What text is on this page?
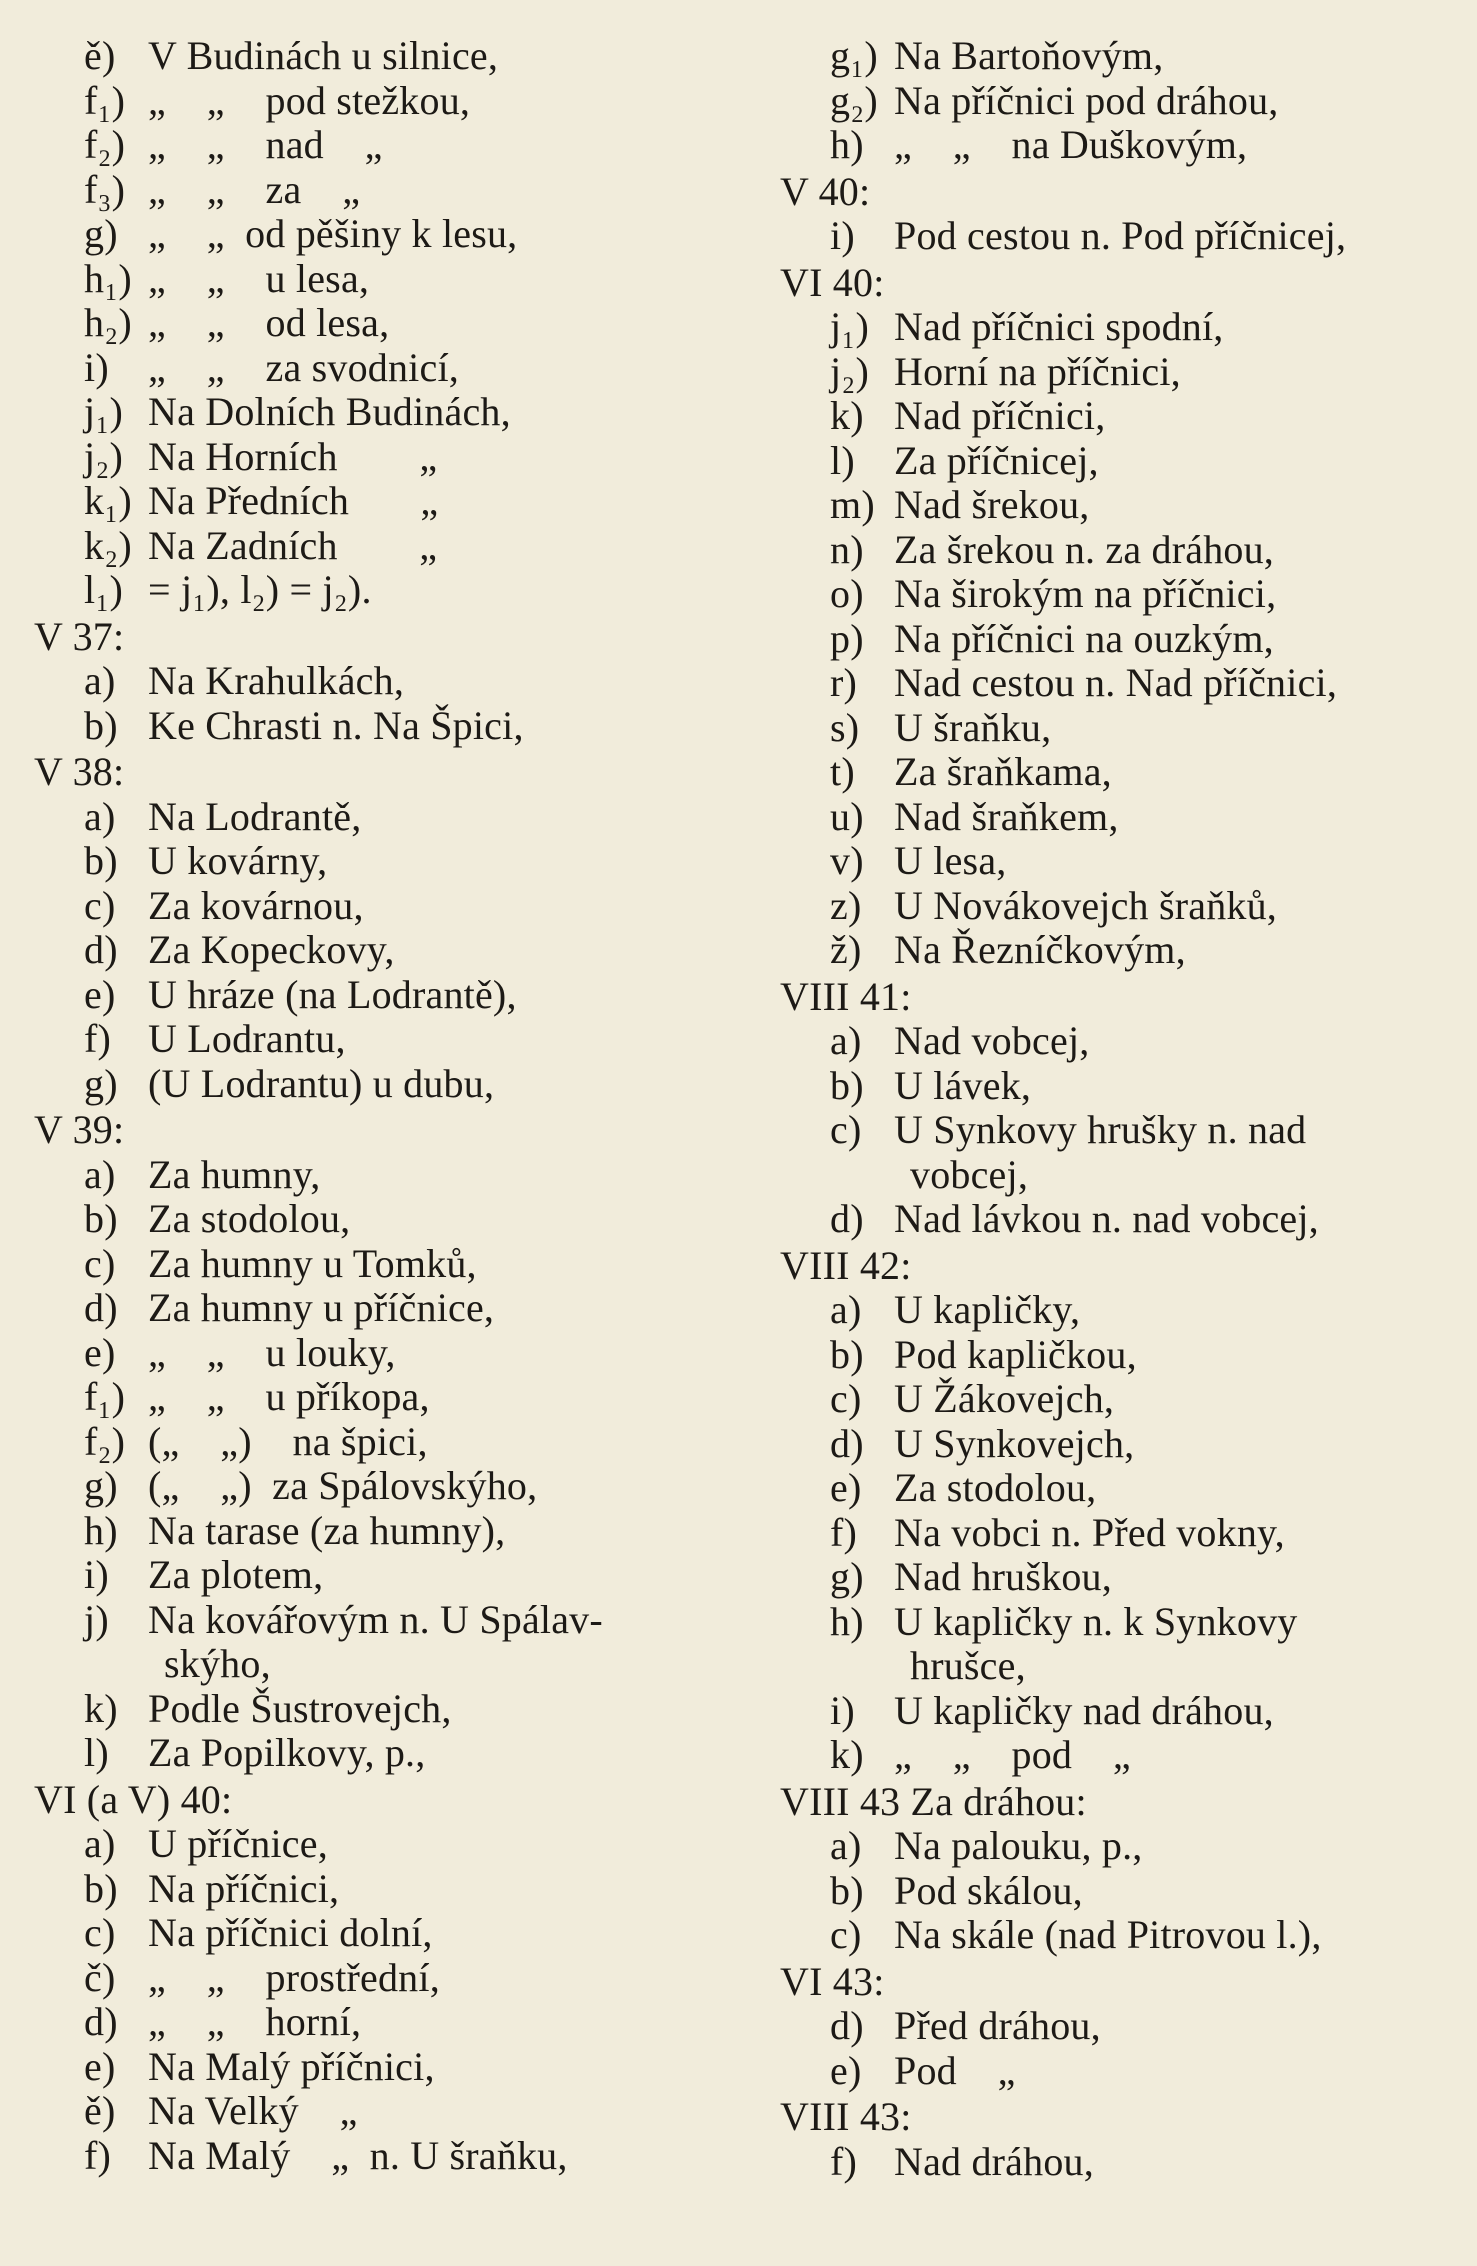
ě) V Budinách u silnice,
f₁) „    „    pod stežkou,
f₂) „    „    nad    „
f₃) „    „    za    „
g) „    „  od pěšiny k lesu,
h₁) „    „    u lesa,
h₂) „    „    od lesa,
i) „    „    za svodnicí,
j₁) Na Dolních Budinách,
j₂) Na Horních        „
k₁) Na Předních       „
k₂) Na Zadních        „
l₁) = j₁), l₂) = j₂).
V 37:
a) Na Krahulkách,
b) Ke Chrasti n. Na Špici,
V 38:
a) Na Lodrantě,
b) U kovárny,
c) Za kovárnou,
d) Za Kopeckovy,
e) U hráze (na Lodrantě),
f) U Lodrantu,
g) (U Lodrantu) u dubu,
V 39:
a) Za humny,
b) Za stodolou,
c) Za humny u Tomků,
d) Za humny u příčnice,
e) „    „    u louky,
f₁) „    „    u příkopa,
f₂) („    „)    na špici,
g) („    „)  za Spálovskýho,
h) Na tarase (za humny),
i) Za plotem,
j) Na kovářovým n. U Spálav-
skýho,
k) Podle Šustrovejch,
l) Za Popilkovy, p.,
VI (a V) 40:
a) U příčnice,
b) Na příčnici,
c) Na příčnici dolní,
č) „    „    prostřední,
d) „    „    horní,
e) Na Malý příčnici,
ě) Na Velký    „
f) Na Malý    „  n. U šraňku,
g₁) Na Bartoňovým,
g₂) Na příčnici pod dráhou,
h) „    „    na Duškovým,
V 40:
i) Pod cestou n. Pod příčnicej,
VI 40:
j₁) Nad příčnici spodní,
j₂) Horní na příčnici,
k) Nad příčnici,
l) Za příčnicej,
m) Nad šrekou,
n) Za šrekou n. za dráhou,
o) Na širokým na příčnici,
p) Na příčnici na ouzkým,
r) Nad cestou n. Nad příčnici,
s) U šraňku,
t) Za šraňkama,
u) Nad šraňkem,
v) U lesa,
z) U Novákovejch šraňků,
ž) Na Řezníčkovým,
VIII 41:
a) Nad vobcej,
b) U lávek,
c) U Synkovy hrušky n. nad
vobcej,
d) Nad lávkou n. nad vobcej,
VIII 42:
a) U kapličky,
b) Pod kapličkou,
c) U Žákovejch,
d) U Synkovejch,
e) Za stodolou,
f) Na vobci n. Před vokny,
g) Nad hruškou,
h) U kapličky n. k Synkovy
hrušce,
i) U kapličky nad dráhou,
k) „    „    pod    „
VIII 43 Za dráhou:
a) Na palouku, p.,
b) Pod skálou,
c) Na skále (nad Pitrovou l.),
VI 43:
d) Před dráhou,
e) Pod    „
VIII 43:
f) Nad dráhou,
